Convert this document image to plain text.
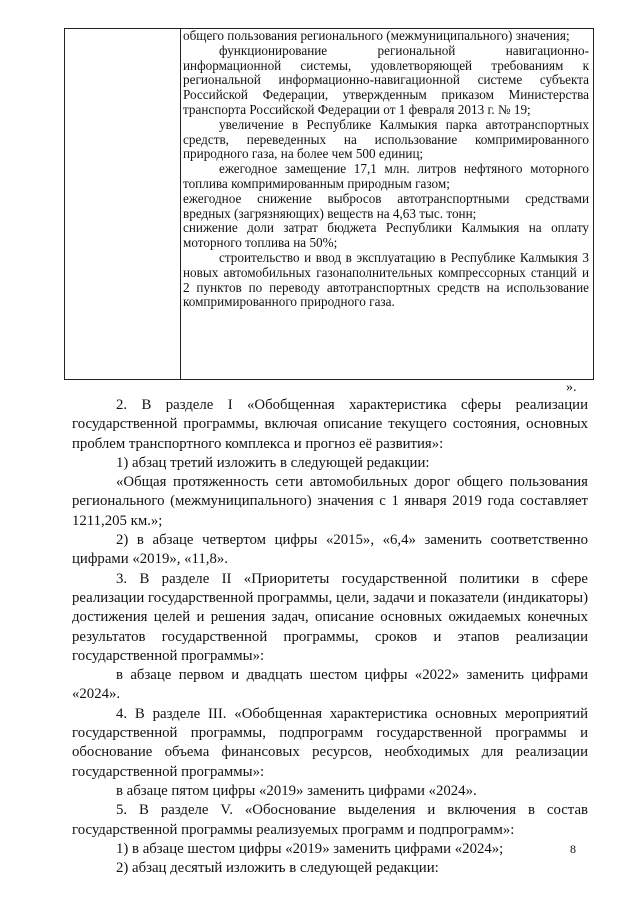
общего пользования регионального (межмуниципального) значения;

функционирование региональной навигационно-информационной системы, удовлетворяющей требованиям к региональной информационно-навигационной системе субъекта Российской Федерации, утвержденным приказом Министерства транспорта Российской Федерации от 1 февраля 2013 г. № 19;

увеличение в Республике Калмыкия парка автотранспортных средств, переведенных на использование компримированного природного газа, на более чем 500 единиц;

ежегодное замещение 17,1 млн. литров нефтяного моторного топлива компримированным природным газом;

ежегодное снижение выбросов автотранспортными средствами вредных (загрязняющих) веществ на 4,63 тыс. тонн;

снижение доли затрат бюджета Республики Калмыкия на оплату моторного топлива на 50%;

строительство и ввод в эксплуатацию в Республике Калмыкия 3 новых автомобильных газонаполнительных компрессорных станций и 2 пунктов по переводу автотранспортных средств на использование компримированного природного газа.

».

2. В разделе I «Обобщенная характеристика сферы реализации государственной программы, включая описание текущего состояния, основных проблем транспортного комплекса и прогноз её развития»:

1) абзац третий изложить в следующей редакции:

«Общая протяженность сети автомобильных дорог общего пользования регионального (межмуниципального) значения с 1 января 2019 года составляет 1211,205 км.»;

2) в абзаце четвертом цифры «2015», «6,4» заменить соответственно цифрами «2019», «11,8».

3. В разделе II «Приоритеты государственной политики в сфере реализации государственной программы, цели, задачи и показатели (индикаторы) достижения целей и решения задач, описание основных ожидаемых конечных результатов государственной программы, сроков и этапов реализации государственной программы»:

в абзаце первом и двадцать шестом цифры «2022» заменить цифрами «2024».

4. В разделе III. «Обобщенная характеристика основных мероприятий государственной программы, подпрограмм государственной программы и обоснование объема финансовых ресурсов, необходимых для реализации государственной программы»:

в абзаце пятом цифры «2019» заменить цифрами «2024».

5. В разделе V. «Обоснование выделения и включения в состав государственной программы реализуемых программ и подпрограмм»:

1) в абзаце шестом цифры «2019» заменить цифрами «2024»;

2) абзац десятый изложить в следующей редакции:

8
